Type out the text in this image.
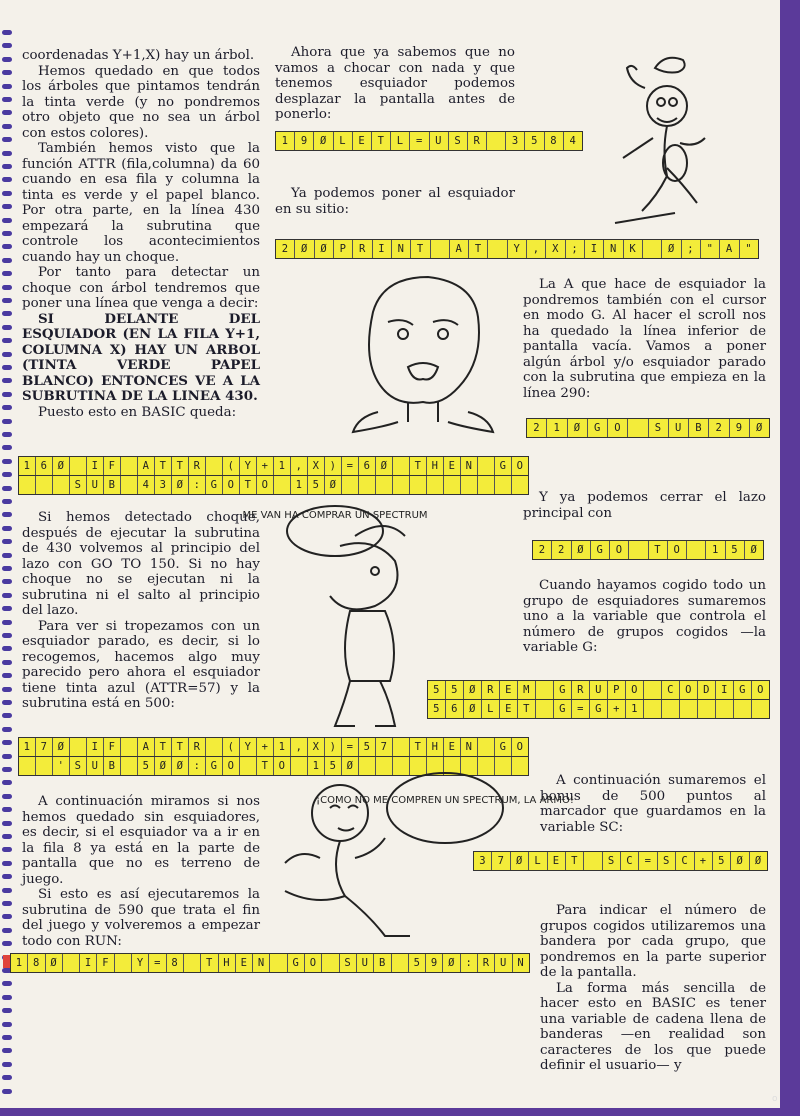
coordenadas Y+1,X) hay un árbol.

Hemos quedado en que todos los árboles que pintamos tendrán la tinta verde (y no pondremos otro objeto que no sea un árbol con estos colores).

También hemos visto que la función ATTR (fila,columna) da 60 cuando en esa fila y columna la tinta es verde y el papel blanco. Por otra parte, en la línea 430 empezará la subrutina que controle los acontecimientos cuando hay un choque.

Por tanto para detectar un choque con árbol tendremos que poner una línea que venga a decir:

SI DELANTE DEL ESQUIADOR (EN LA FILA Y+1, COLUMNA X) HAY UN ARBOL (TINTA VERDE PAPEL BLANCO) ENTONCES VE A LA SUBRUTINA DE LA LINEA 430.

Puesto esto en BASIC queda:

Si hemos detectado choque, después de ejecutar la subrutina de 430 volvemos al principio del lazo con GO TO 150. Si no hay choque no se ejecutan ni la subrutina ni el salto al principio del lazo.

Para ver si tropezamos con un esquiador parado, es decir, si lo recogemos, hacemos algo muy parecido pero ahora el esquiador tiene tinta azul (ATTR=57) y la subrutina está en 500:

A continuación miramos si nos hemos quedado sin esquiadores, es decir, si el esquiador va a ir en la fila 8 ya está en la parte de pantalla que no es terreno de juego.

Si esto es así ejecutaremos la subrutina de 590 que trata el fin del juego y volveremos a empezar todo con RUN:

Ahora que ya sabemos que no vamos a chocar con nada y que tenemos esquiador podemos desplazar la pantalla antes de ponerlo:

Ya podemos poner al esquiador en su sitio:

La A que hace de esquiador la pondremos también con el cursor en modo G. Al hacer el scroll nos ha quedado la línea inferior de pantalla vacía. Vamos a poner algún árbol y/o esquiador parado con la subrutina que empieza en la línea 290:

Y ya podemos cerrar el lazo principal con

Cuando hayamos cogido todo un grupo de esquiadores sumaremos uno a la variable que controla el número de grupos cogidos —la variable G:

A continuación sumaremos el bonus de 500 puntos al marcador que guardamos en la variable SC:

Para indicar el número de grupos cogidos utilizaremos una bandera por cada grupo, que pondremos en la parte superior de la pantalla.

La forma más sencilla de hacer esto en BASIC es tener una variable de cadena llena de banderas —en realidad son caracteres de los que puede definir el usuario— y

1	9	Ø	L	E	T	L	=	U	S	R	3	5	8	4
2	Ø	Ø	P	R	I	N	T	A	T	Y	,	X	;	I	N	K	Ø	;	"	A	"
2	1	Ø	G	O	S	U	B	2	9	Ø
1 6 Ø	I F	A T T R	( Y + 1 , X ) = 6 Ø	T H E N	G O
S U B	4 3 Ø : G O T O	1 5 Ø
2	2	Ø	G	O	T	O	1	5	Ø
5	5	Ø	R	E	M	G	R	U	P	O	C	O	D	I	G	O
5	6	Ø	L	E	T	G	=	G	+	1
1 7 Ø	I F	A T T R	( Y + 1 , X ) = 5 7	T H E N	G O
' S U B	5 Ø Ø : G O	T O	1 5 Ø
3	7	Ø	L	E	T	S	C	=	S	C	+	5	Ø	Ø
1 8 Ø	I F	Y = 8	T H E N	G O	S U B	5 9 Ø : R U N
ME VAN HA COMPRAR UN SPECTRUM
¡COMO NO ME COMPREN UN SPECTRUM, LA ARMO!
o
